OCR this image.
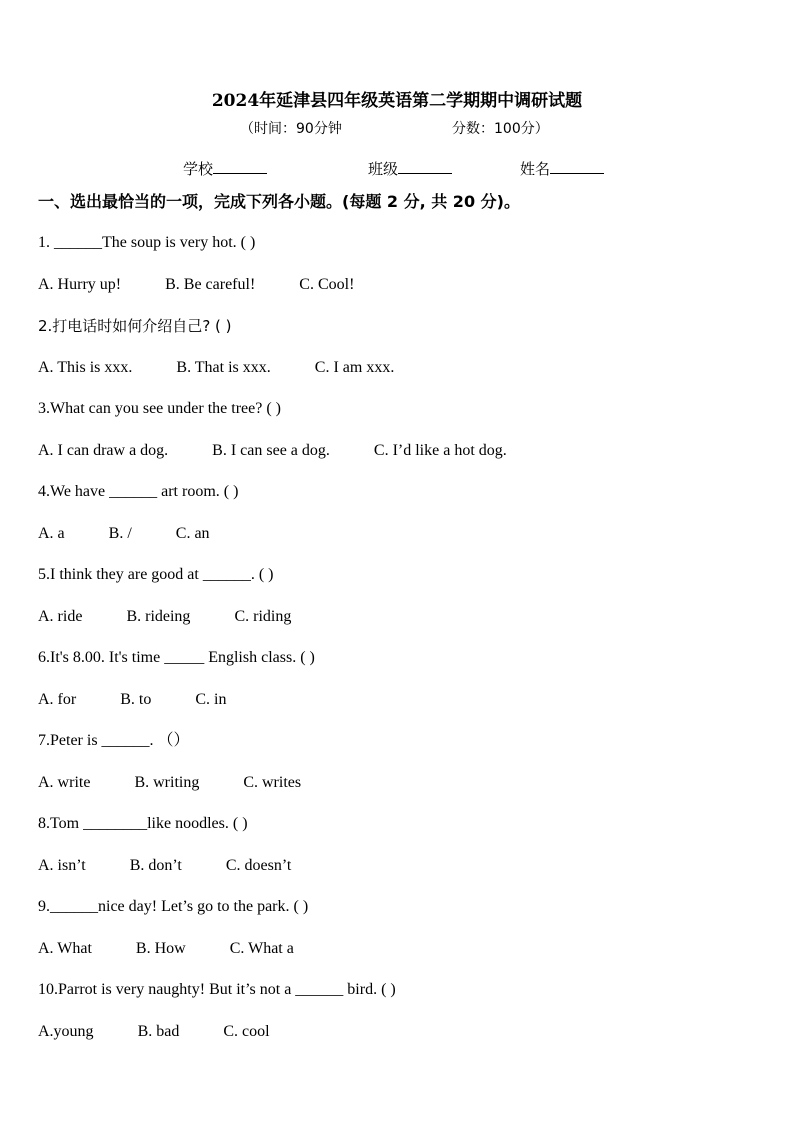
2024年延津县四年级英语第二学期期中调研试题
（时间：90分钟	分数：100分）
学校	班级	姓名
一、选出最恰当的一项，完成下列各小题。(每题 2 分, 共 20 分)。
1. ______The soup is very hot. ( )
A. Hurry up!	B. Be careful!	C. Cool!
2.打电话时如何介绍自己? ( )
A. This is xxx.	B. That is xxx.	C. I am xxx.
3.What can you see under the tree? ( )
A. I can draw a dog.	B. I can see a dog.	C. I’d like a hot dog.
4.We have ______ art room. ( )
A. a	B. /	C. an
5.I think they are good at ______. ( )
A. ride	B. rideing	C. riding
6.It's 8.00. It's time _____ English class. ( )
A. for	B. to	C. in
7.Peter is ______. （）
A. write	B. writing	C. writes
8.Tom ________like noodles. ( )
A. isn’t	B. don’t	C. doesn’t
9.______nice day! Let’s go to the park. ( )
A. What	B. How	C. What a
10.Parrot is very naughty! But it’s not a ______ bird. ( )
A.young	B. bad	C. cool
